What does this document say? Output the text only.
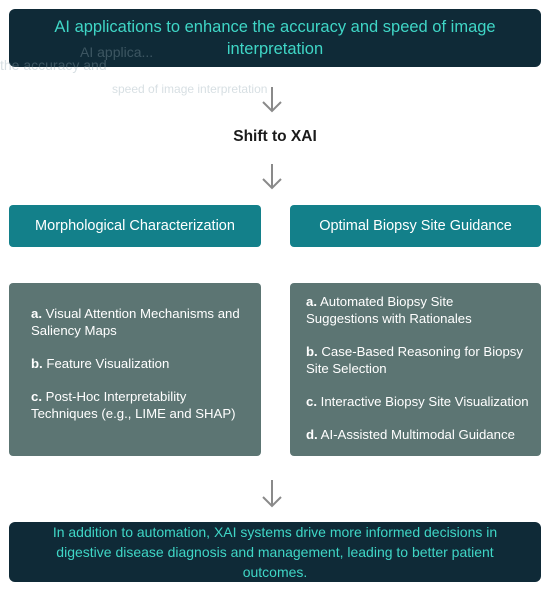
AI applications to enhance the accuracy and speed of image interpretation
AI applica...
the accuracy and
speed of image interpretation
Shift to XAI
Morphological Characterization	Optimal Biopsy Site Guidance

a. Visual Attention Mechanisms and Saliency Maps

b. Feature Visualization

c. Post-Hoc Interpretability Techniques (e.g., LIME and SHAP)

a. Automated Biopsy Site Suggestions with Rationales

b. Case-Based Reasoning for Biopsy Site Selection

c. Interactive Biopsy Site Visualization

d. AI-Assisted Multimodal Guidance

In addition to automation, XAI systems drive more informed decisions in digestive disease diagnosis and management, leading to better patient outcomes.
